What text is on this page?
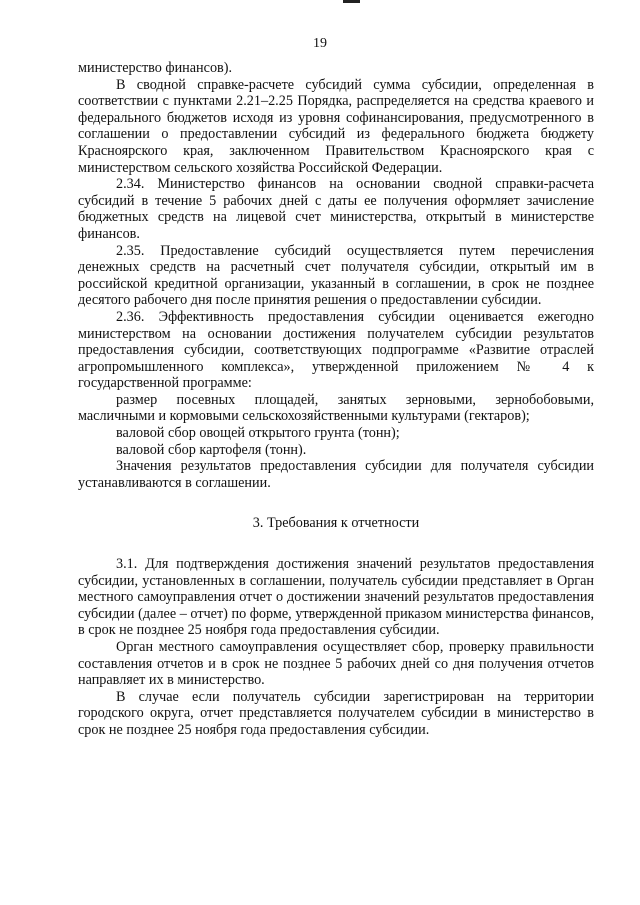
19

министерство финансов).

В сводной справке-расчете субсидий сумма субсидии, определенная в соответствии с пунктами 2.21–2.25 Порядка, распределяется на средства краевого и федерального бюджетов исходя из уровня софинансирования, предусмотренного в соглашении о предоставлении субсидий из федерального бюджета бюджету Красноярского края, заключенном Правительством Красноярского края с министерством сельского хозяйства Российской Федерации.

2.34. Министерство финансов на основании сводной справки-расчета субсидий в течение 5 рабочих дней с даты ее получения оформляет зачисление бюджетных средств на лицевой счет министерства, открытый в министерстве финансов.

2.35. Предоставление субсидий осуществляется путем перечисления денежных средств на расчетный счет получателя субсидии, открытый им в российской кредитной организации, указанный в соглашении, в срок не позднее десятого рабочего дня после принятия решения о предоставлении субсидии.

2.36. Эффективность предоставления субсидии оценивается ежегодно министерством на основании достижения получателем субсидии результатов предоставления субсидии, соответствующих подпрограмме «Развитие отраслей агропромышленного комплекса», утвержденной приложением № 4 к государственной программе:

размер посевных площадей, занятых зерновыми, зернобобовыми, масличными и кормовыми сельскохозяйственными культурами (гектаров);

валовой сбор овощей открытого грунта (тонн);

валовой сбор картофеля (тонн).

Значения результатов предоставления субсидии для получателя субсидии устанавливаются в соглашении.

3. Требования к отчетности

3.1. Для подтверждения достижения значений результатов предоставления субсидии, установленных в соглашении, получатель субсидии представляет в Орган местного самоуправления отчет о достижении значений результатов предоставления субсидии (далее – отчет) по форме, утвержденной приказом министерства финансов, в срок не позднее 25 ноября года предоставления субсидии.

Орган местного самоуправления осуществляет сбор, проверку правильности составления отчетов и в срок не позднее 5 рабочих дней со дня получения отчетов направляет их в министерство.

В случае если получатель субсидии зарегистрирован на территории городского округа, отчет представляется получателем субсидии в министерство в срок не позднее 25 ноября года предоставления субсидии.
